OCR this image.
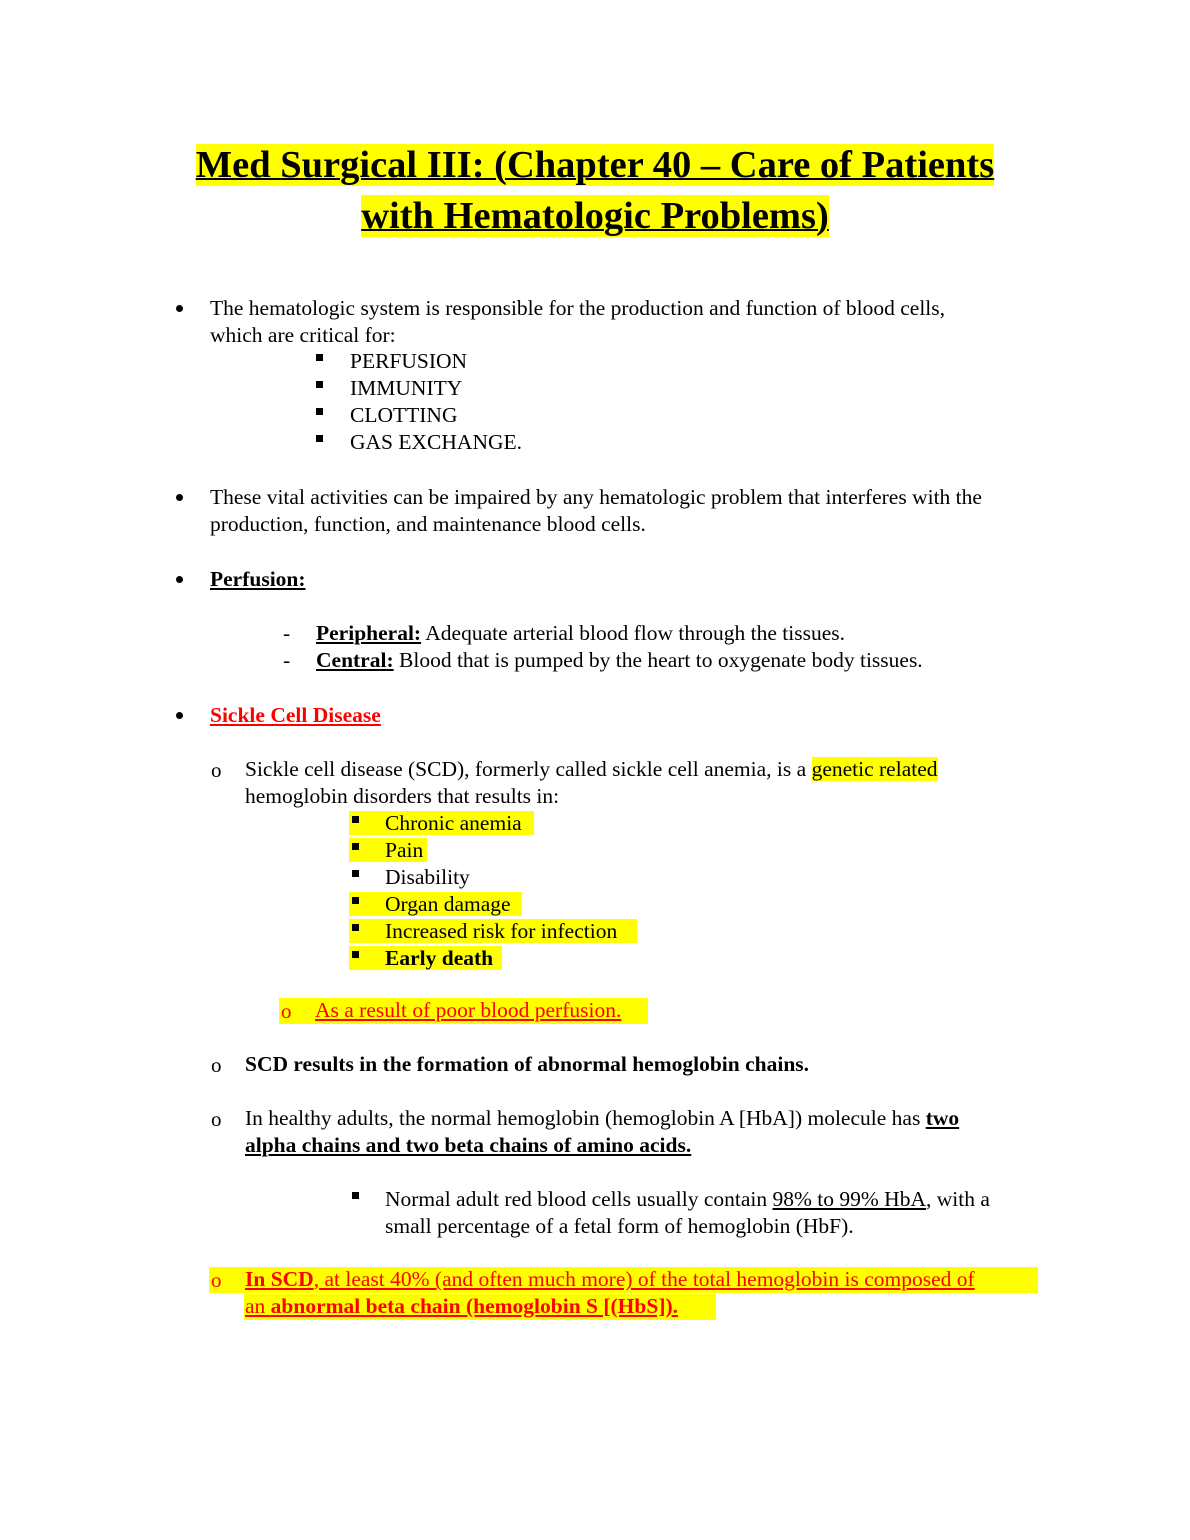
Med Surgical III: (Chapter 40 – Care of Patients
with Hematologic Problems)
The hematologic system is responsible for the production and function of blood cells,
which are critical for:
PERFUSION
IMMUNITY
CLOTTING
GAS EXCHANGE.
These vital activities can be impaired by any hematologic problem that interferes with the
production, function, and maintenance blood cells.
Perfusion:
- Peripheral: Adequate arterial blood flow through the tissues.
- Central: Blood that is pumped by the heart to oxygenate body tissues.
Sickle Cell Disease
o Sickle cell disease (SCD), formerly called sickle cell anemia, is a genetic related
hemoglobin disorders that results in:
Chronic anemia
Pain
Disability
Organ damage
Increased risk for infection
Early death
o As a result of poor blood perfusion.
o SCD results in the formation of abnormal hemoglobin chains.
o In healthy adults, the normal hemoglobin (hemoglobin A [HbA]) molecule has two
alpha chains and two beta chains of amino acids.
Normal adult red blood cells usually contain 98% to 99% HbA, with a
small percentage of a fetal form of hemoglobin (HbF).
o In SCD, at least 40% (and often much more) of the total hemoglobin is composed of
an abnormal beta chain (hemoglobin S [(HbS]).
